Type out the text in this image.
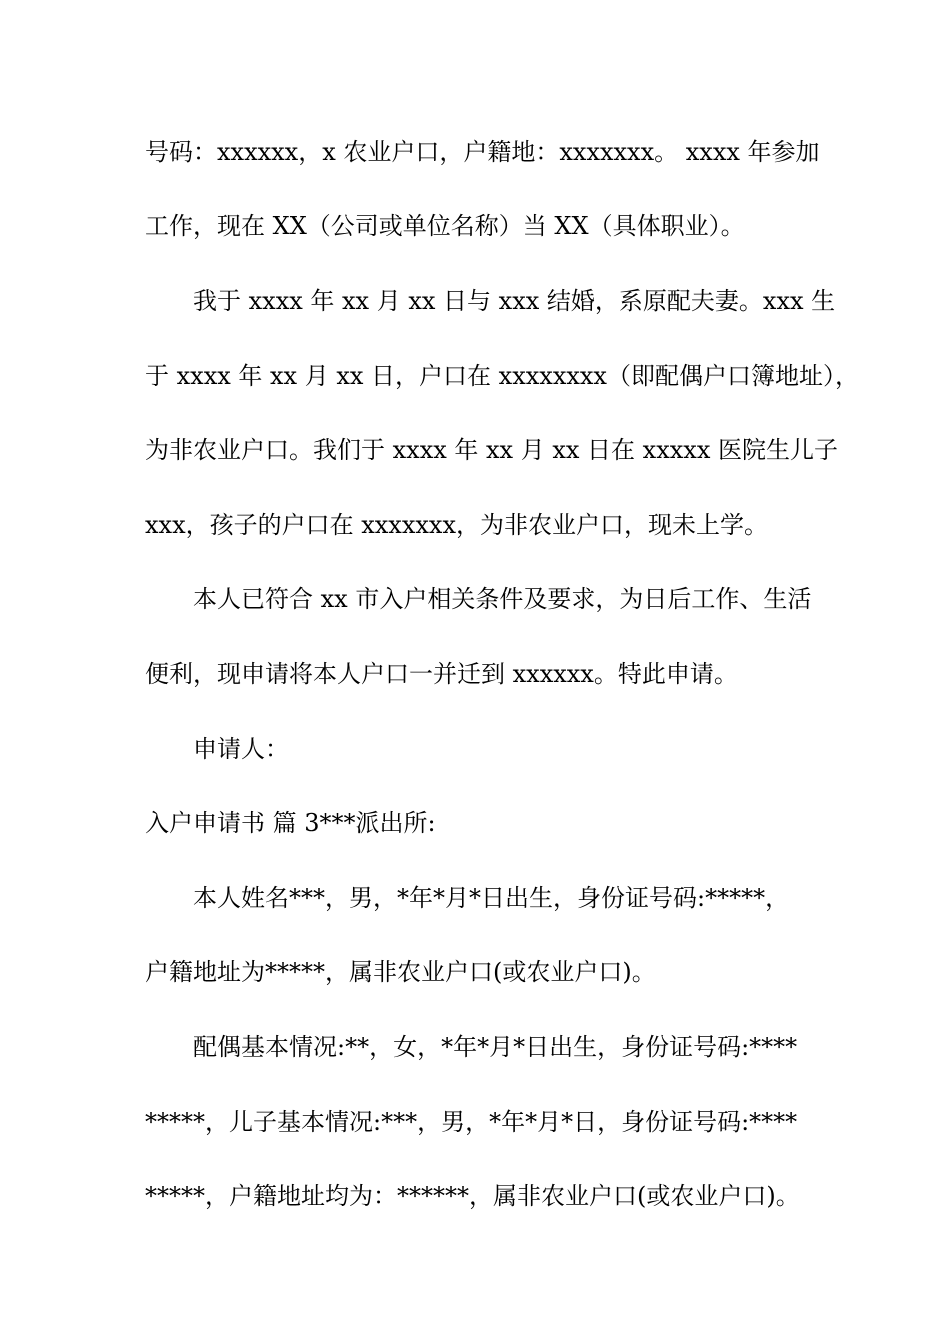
号码：xxxxxx，x 农业户口，户籍地：xxxxxxx。 xxxx 年参加
工作，现在 XX（公司或单位名称）当 XX（具体职业）。
我于 xxxx 年 xx 月 xx 日与 xxx 结婚，系原配夫妻。xxx 生
于 xxxx 年 xx 月 xx 日，户口在 xxxxxxxx（即配偶户口簿地址），
为非农业户口。我们于 xxxx 年 xx 月 xx 日在 xxxxx 医院生儿子
xxx，孩子的户口在 xxxxxxx，为非农业户口，现未上学。
本人已符合 xx 市入户相关条件及要求，为日后工作、生活
便利，现申请将本人户口一并迁到 xxxxxx。特此申请。
申请人：
入户申请书 篇 3***派出所:
本人姓名***，男，*年*月*日出生，身份证号码:*****，
户籍地址为*****，属非农业户口(或农业户口)。
配偶基本情况:**，女，*年*月*日出生，身份证号码:****
*****，儿子基本情况:***，男，*年*月*日，身份证号码:****
*****，户籍地址均为：******，属非农业户口(或农业户口)。
